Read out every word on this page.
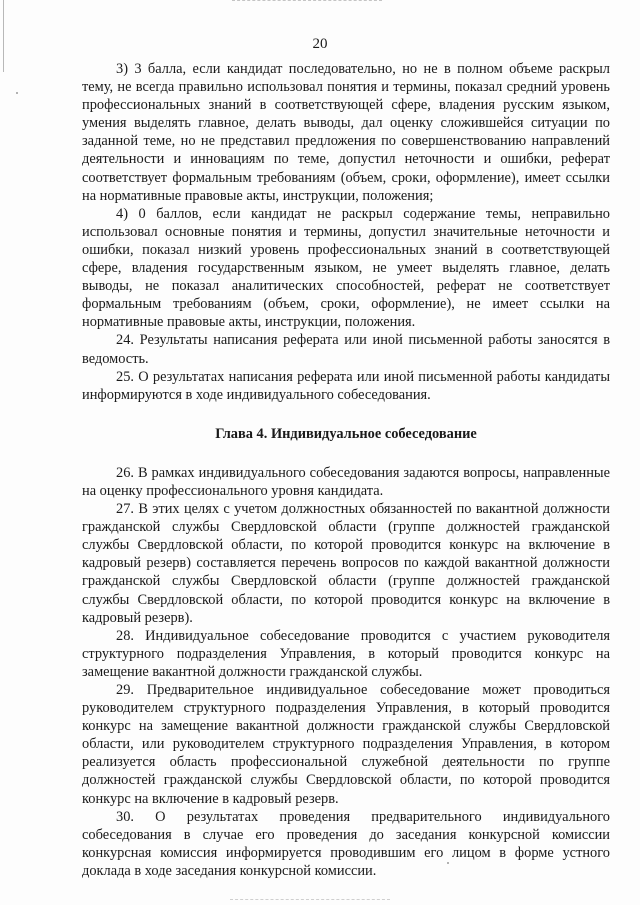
20

3) 3 балла, если кандидат последовательно, но не в полном объеме раскрыл тему, не всегда правильно использовал понятия и термины, показал средний уровень профессиональных знаний в соответствующей сфере, владения русским языком, умения выделять главное, делать выводы, дал оценку сложившейся ситуации по заданной теме, но не представил предложения по совершенствованию направлений деятельности и инновациям по теме, допустил неточности и ошибки, реферат соответствует формальным требованиям (объем, сроки, оформление), имеет ссылки на нормативные правовые акты, инструкции, положения;

4) 0 баллов, если кандидат не раскрыл содержание темы, неправильно использовал основные понятия и термины, допустил значительные неточности и ошибки, показал низкий уровень профессиональных знаний в соответствующей сфере, владения государственным языком, не умеет выделять главное, делать выводы, не показал аналитических способностей, реферат не соответствует формальным требованиям (объем, сроки, оформление), не имеет ссылки на нормативные правовые акты, инструкции, положения.

24. Результаты написания реферата или иной письменной работы заносятся в ведомость.

25. О результатах написания реферата или иной письменной работы кандидаты информируются в ходе индивидуального собеседования.

Глава 4. Индивидуальное собеседование

26. В рамках индивидуального собеседования задаются вопросы, направленные на оценку профессионального уровня кандидата.

27. В этих целях с учетом должностных обязанностей по вакантной должности гражданской службы Свердловской области (группе должностей гражданской службы Свердловской области, по которой проводится конкурс на включение в кадровый резерв) составляется перечень вопросов по каждой вакантной должности гражданской службы Свердловской области (группе должностей гражданской службы Свердловской области, по которой проводится конкурс на включение в кадровый резерв).

28. Индивидуальное собеседование проводится с участием руководителя структурного подразделения Управления, в который проводится конкурс на замещение вакантной должности гражданской службы.

29. Предварительное индивидуальное собеседование может проводиться руководителем структурного подразделения Управления, в который проводится конкурс на замещение вакантной должности гражданской службы Свердловской области, или руководителем структурного подразделения Управления, в котором реализуется область профессиональной служебной деятельности по группе должностей гражданской службы Свердловской области, по которой проводится конкурс на включение в кадровый резерв.

30. О результатах проведения предварительного индивидуального собеседования в случае его проведения до заседания конкурсной комиссии конкурсная комиссия информируется проводившим его лицом в форме устного доклада в ходе заседания конкурсной комиссии.
